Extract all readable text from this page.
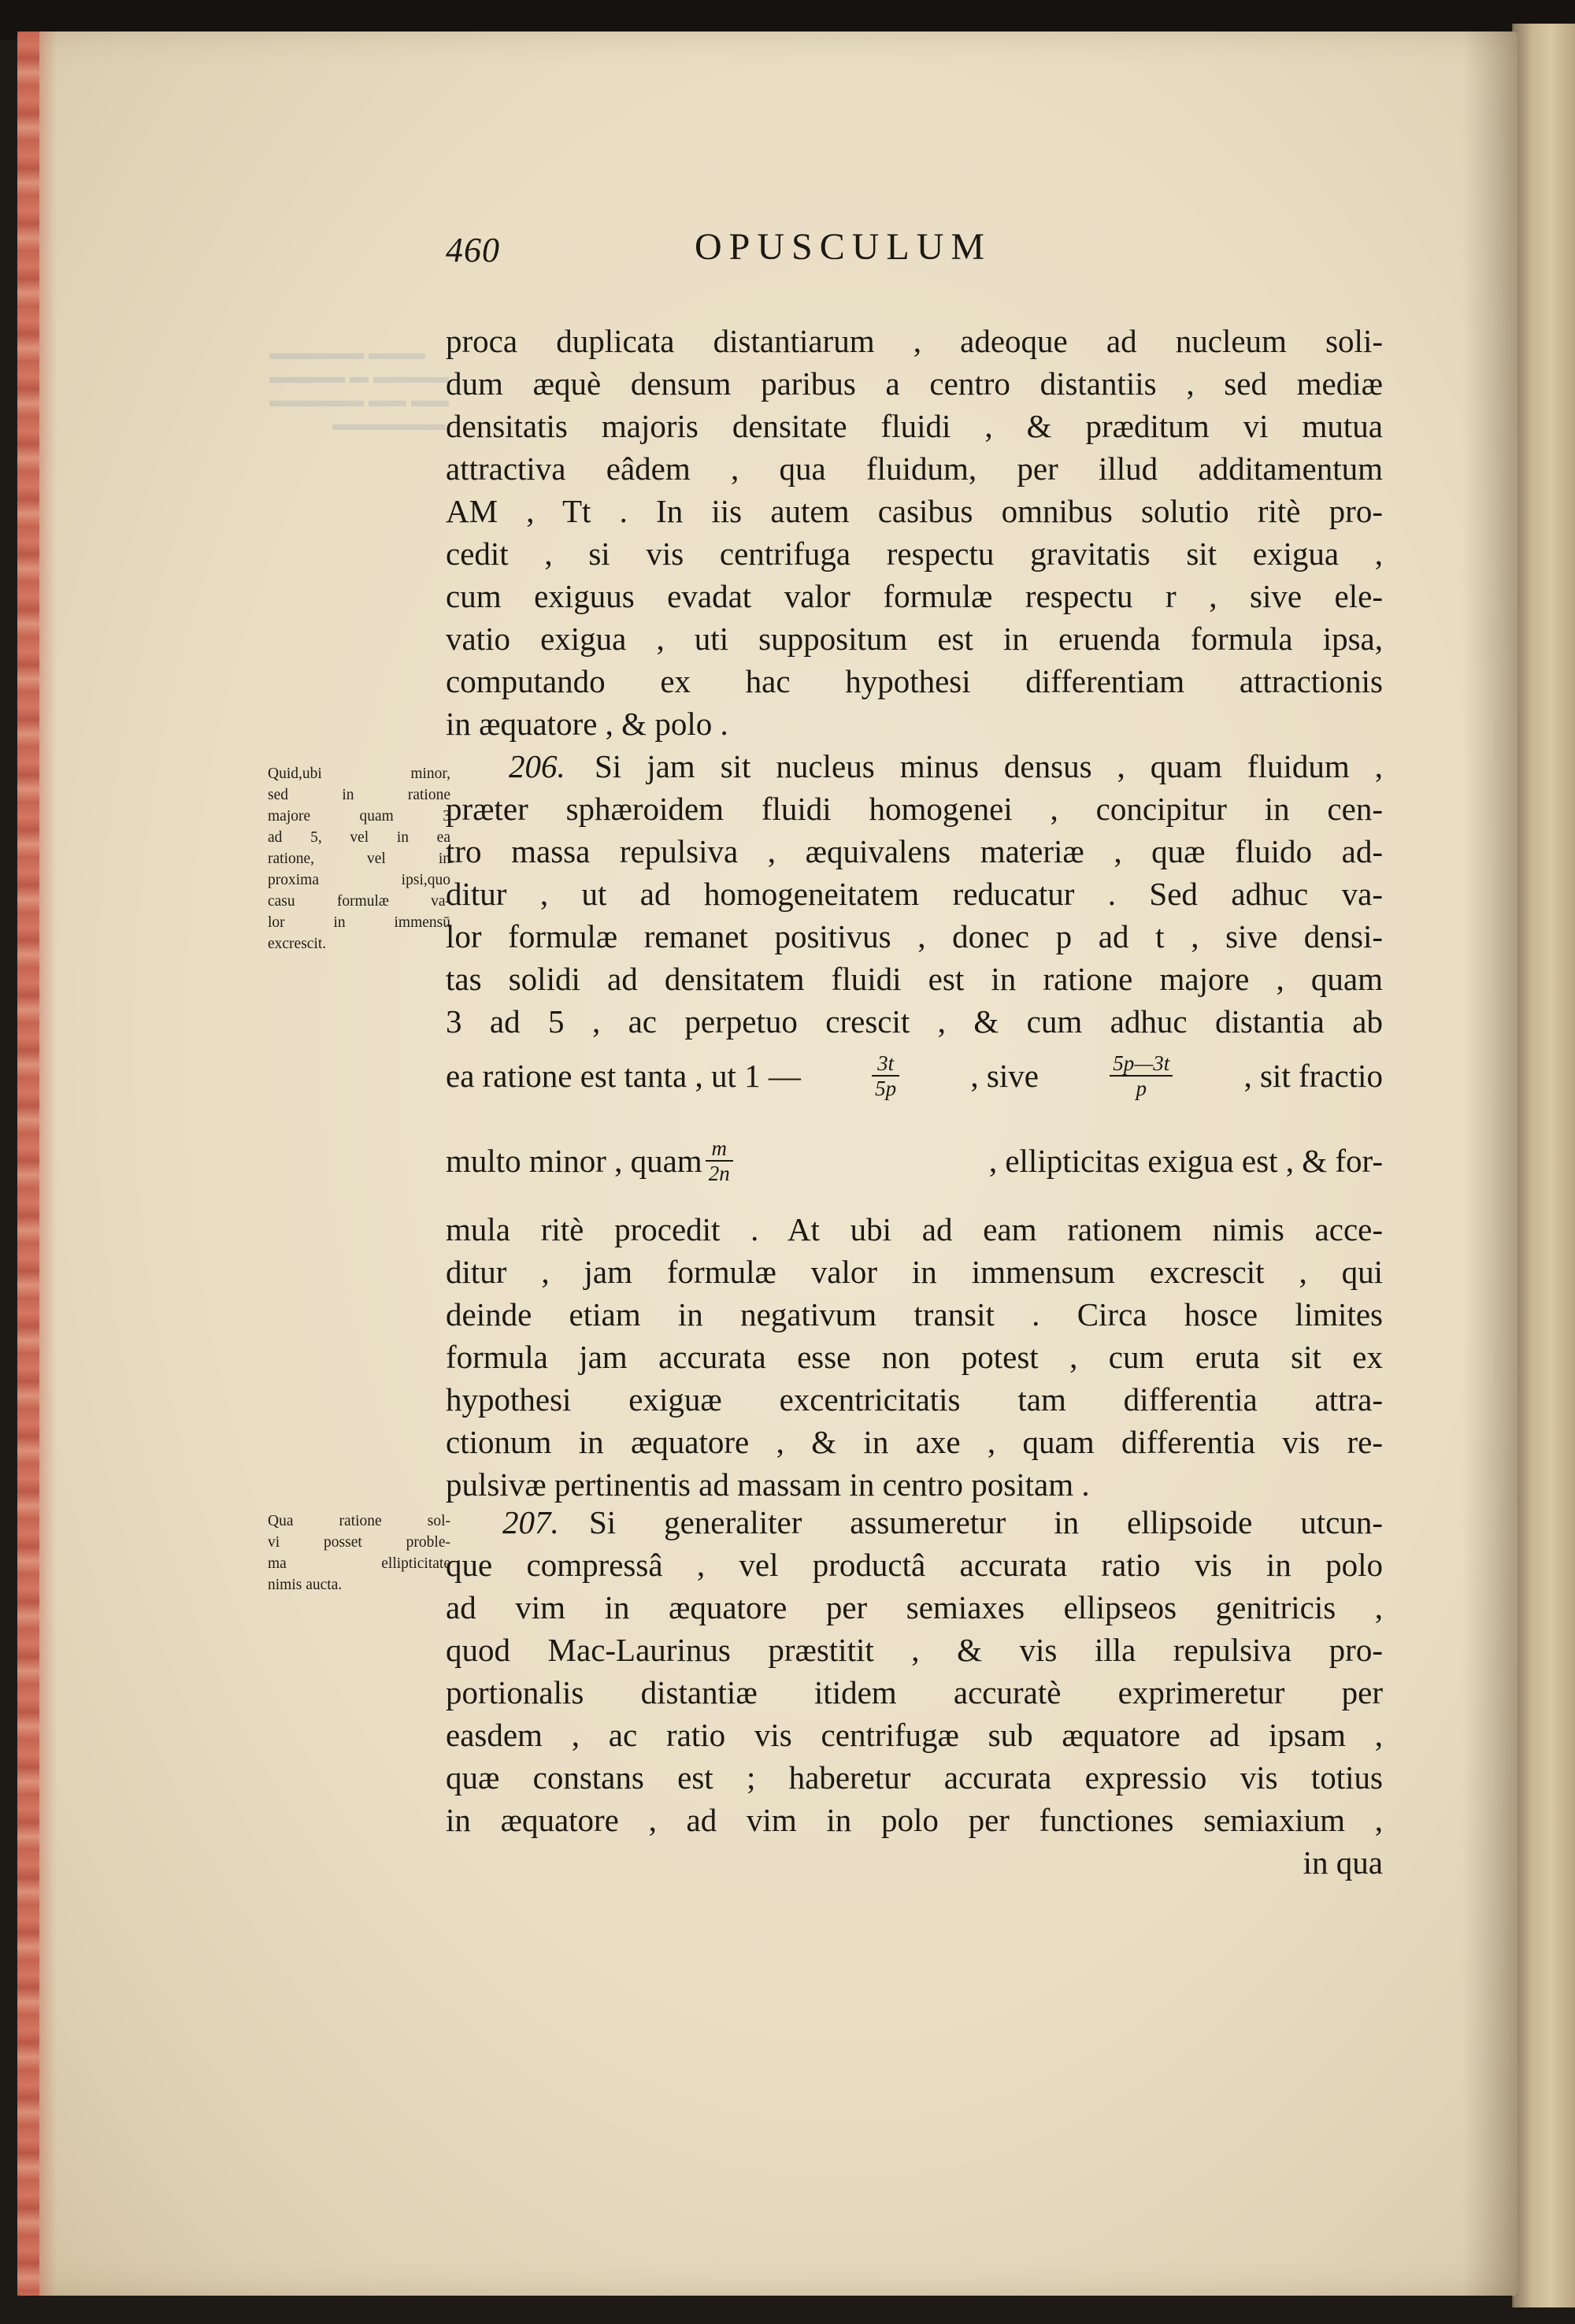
▬▬▬▬▬ ▬▬▬
▬▬▬▬ ▬ ▬▬▬▬
▬▬▬▬▬ ▬▬ ▬▬
▬▬▬▬▬▬
460	OPUSCULUM
proca duplicata distantiarum , adeoque ad nucleum soli-
dum æquè densum paribus a centro distantiis , sed mediæ
densitatis majoris densitate fluidi , & præditum vi mutua
attractiva eâdem , qua fluidum, per illud additamentum
AM , Tt . In iis autem casibus omnibus solutio ritè pro-
cedit , si vis centrifuga respectu gravitatis sit exigua ,
cum exiguus evadat valor formulæ respectu r , sive ele-
vatio exigua , uti suppositum est in eruenda formula ipsa,
computando ex hac hypothesi differentiam attractionis
in æquatore , & polo .
Quid,ubi minor,
sed in ratione
majore quam 3
ad 5, vel in ea
ratione, vel in
proxima ipsi,quo
casu formulæ va-
lor in immensū
excrescit.
206. Si jam sit nucleus minus densus , quam fluidum ,
præter sphæroidem fluidi homogenei , concipitur in cen-
tro massa repulsiva , æquivalens materiæ , quæ fluido ad-
ditur , ut ad homogeneitatem reducatur . Sed adhuc va-
lor formulæ remanet positivus , donec p ad t , sive densi-
tas solidi ad densitatem fluidi est in ratione majore , quam
3 ad 5 , ac perpetuo crescit , & cum adhuc distantia ab
ea ratione est tanta , ut 1 —	$\frac{3t}{5p}$ , sive	$\frac{5p—3t}{p}$ , sit fractio
multo minor , quam $\frac{m}{2n}$	, ellipticitas exigua est , & for-
mula ritè procedit . At ubi ad eam rationem nimis acce-
ditur , jam formulæ valor in immensum excrescit , qui
deinde etiam in negativum transit . Circa hosce limites
formula jam accurata esse non potest , cum eruta sit ex
hypothesi exiguæ excentricitatis tam differentia attra-
ctionum in æquatore , & in axe , quam differentia vis re-
pulsivæ pertinentis ad massam in centro positam .
Qua ratione sol-
vi posset proble-
ma ellipticitate
nimis aucta.
207. Si generaliter assumeretur in ellipsoide utcun-
que compressâ , vel productâ accurata ratio vis in polo
ad vim in æquatore per semiaxes ellipseos genitricis ,
quod Mac-Laurinus præstitit , & vis illa repulsiva pro-
portionalis distantiæ itidem accuratè exprimeretur per
easdem , ac ratio vis centrifugæ sub æquatore ad ipsam ,
quæ constans est ; haberetur accurata expressio vis totius
in æquatore , ad vim in polo per functiones semiaxium ,
in qua
